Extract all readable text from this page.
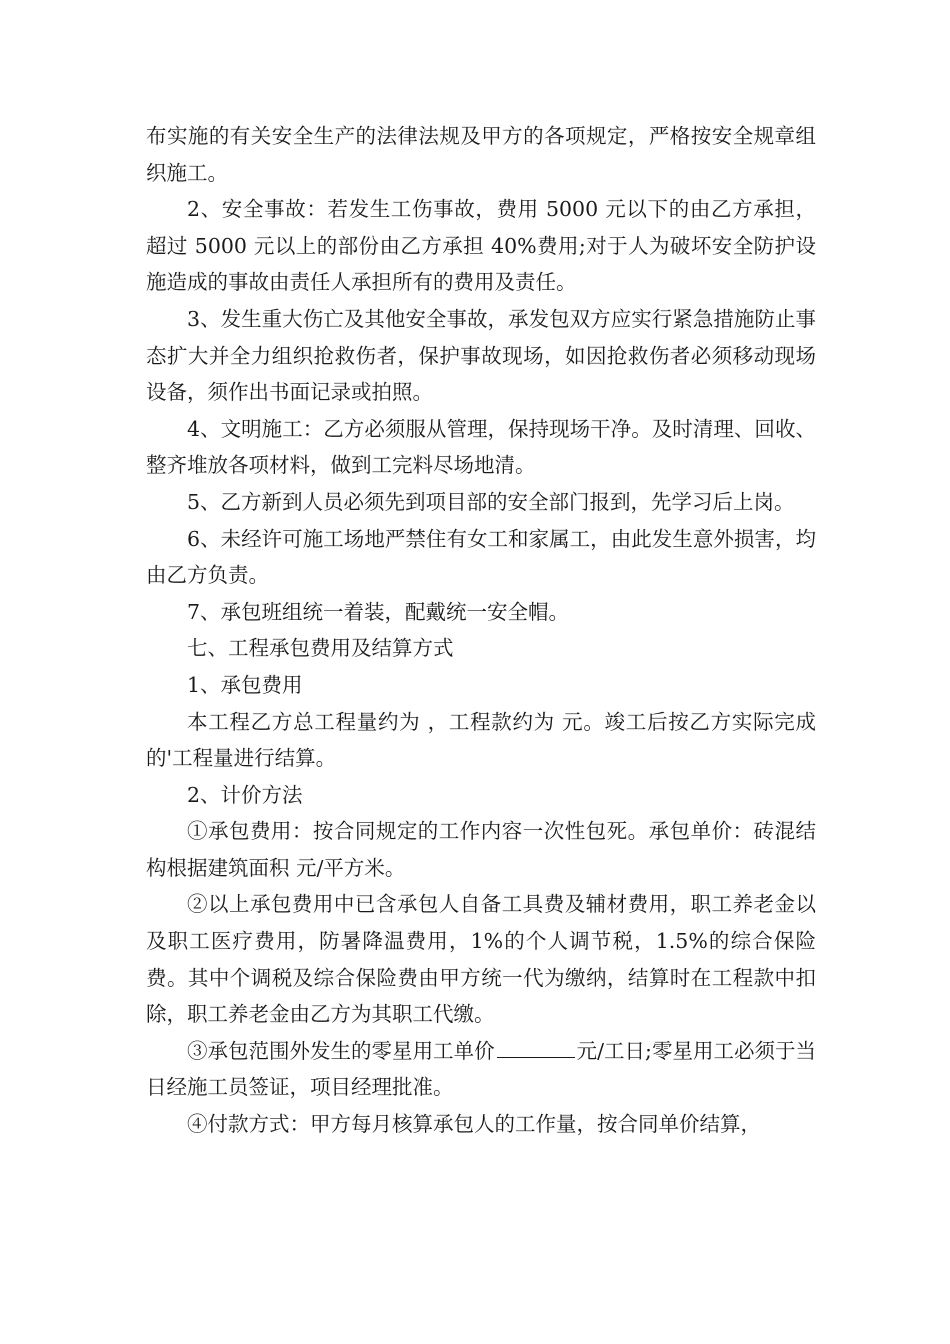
布实施的有关安全生产的法律法规及甲方的各项规定，严格按安全规章组织施工。

2、安全事故：若发生工伤事故，费用 5000 元以下的由乙方承担，超过 5000 元以上的部份由乙方承担 40%费用;对于人为破坏安全防护设施造成的事故由责任人承担所有的费用及责任。

3、发生重大伤亡及其他安全事故，承发包双方应实行紧急措施防止事态扩大并全力组织抢救伤者，保护事故现场，如因抢救伤者必须移动现场设备，须作出书面记录或拍照。

4、文明施工：乙方必须服从管理，保持现场干净。及时清理、回收、整齐堆放各项材料，做到工完料尽场地清。

5、乙方新到人员必须先到项目部的安全部门报到，先学习后上岗。

6、未经许可施工场地严禁住有女工和家属工，由此发生意外损害，均由乙方负责。

7、承包班组统一着装，配戴统一安全帽。

七、工程承包费用及结算方式

1、承包费用

本工程乙方总工程量约为 ，工程款约为 元。竣工后按乙方实际完成的'工程量进行结算。

2、计价方法

①承包费用：按合同规定的工作内容一次性包死。承包单价：砖混结构根据建筑面积 元/平方米。

②以上承包费用中已含承包人自备工具费及辅材费用，职工养老金以及职工医疗费用，防暑降温费用，1%的个人调节税，1.5%的综合保险费。其中个调税及综合保险费由甲方统一代为缴纳，结算时在工程款中扣除，职工养老金由乙方为其职工代缴。

③承包范围外发生的零星用工单价	元/工日;零星用工必须于当日经施工员签证，项目经理批准。

④付款方式：甲方每月核算承包人的工作量，按合同单价结算，
